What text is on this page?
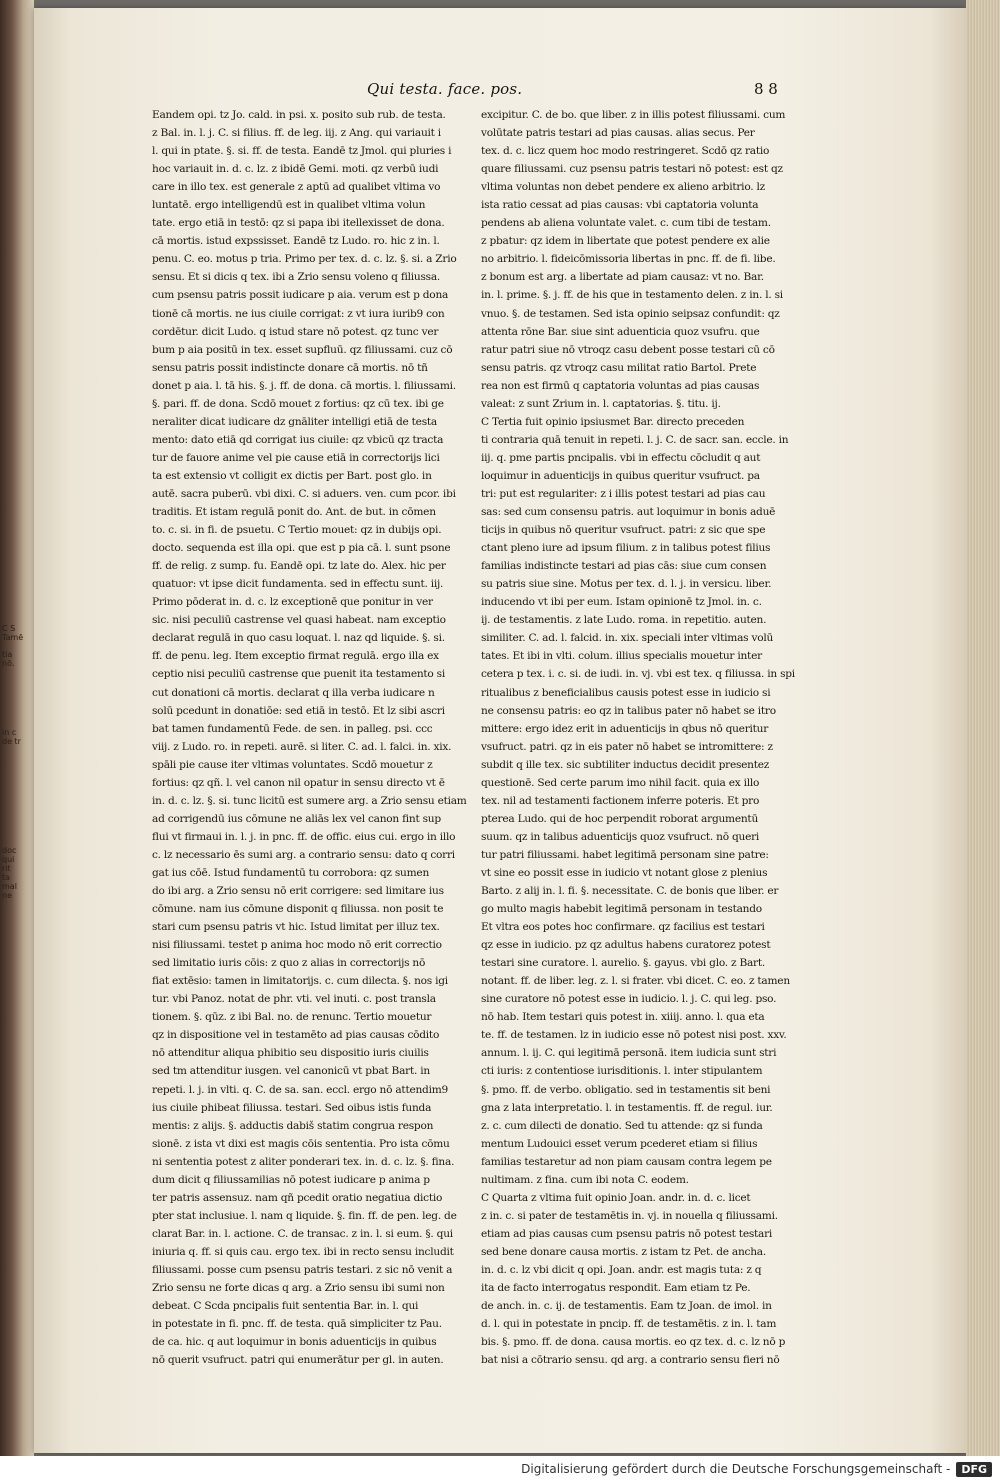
C S
Tamē
tia
nō.
in c
de tr
doc
qui
rit
ta
mal
ne
Qui testa. face. pos.	8 8

Eandem opi. tz Jo. cald. in psi. x. posito sub rub. de testa.

z Bal. in. l. j. C. si filius. ff. de leg. iij. z Ang. qui variauit i

l. qui in ptate. §. si. ff. de testa. Eandē tz Jmol. qui pluries i

hoc variauit in. d. c. lz. z ibidē Gemi. moti. qz verbū iudi

care in illo tex. est generale z aptū ad qualibet vltima vo

luntatē. ergo intelligendū est in qualibet vltima volun

tate. ergo etiā in testō: qz si papa ibi itellexisset de dona.

cā mortis. istud expssisset. Eandē tz Ludo. ro. hic z in. l.

penu. C. eo. motus p tria. Primo per tex. d. c. lz. §. si. a Zrio

sensu. Et si dicis q tex. ibi a Zrio sensu voleno q filiussa.

cum psensu patris possit iudicare p aia. verum est p dona

tionē cā mortis. ne ius ciuile corrigat: z vt iura iurib9 con

cordētur. dicit Ludo. q istud stare nō potest. qz tunc ver

bum p aia positū in tex. esset supfluū. qz filiussami. cuz cō

sensu patris possit indistincte donare cā mortis. nō tñ

donet p aia. l. tā his. §. j. ff. de dona. cā mortis. l. filiussami.

§. pari. ff. de dona. Scdō mouet z fortius: qz cū tex. ibi ge

neraliter dicat iudicare dz gnāliter intelligi etiā de testa

mento: dato etiā qd corrigat ius ciuile: qz vbicū qz tracta

tur de fauore anime vel pie cause etiā in correctorijs lici

ta est extensio vt colligit ex dictis per Bart. post glo. in

autē. sacra puberū. vbi dixi. C. si aduers. ven. cum pcor. ibi

traditis. Et istam regulā ponit do. Ant. de but. in cōmen

to. c. si. in fi. de psuetu. C Tertio mouet: qz in dubijs opi.

docto. sequenda est illa opi. que est p pia cā. l. sunt psone

ff. de relig. z sump. fu. Eandē opi. tz late do. Alex. hic per

quatuor: vt ipse dicit fundamenta. sed in effectu sunt. iij.

Primo pōderat in. d. c. lz exceptionē que ponitur in ver

sic. nisi peculiū castrense vel quasi habeat. nam exceptio

declarat regulā in quo casu loquat. l. naz qd liquide. §. si.

ff. de penu. leg. Item exceptio firmat regulā. ergo illa ex

ceptio nisi peculiū castrense que puenit ita testamento si

cut donationi cā mortis. declarat q illa verba iudicare n

solū pcedunt in donatiōe: sed etiā in testō. Et lz sibi ascri

bat tamen fundamentū Fede. de sen. in palleg. psi. ccc

viij. z Ludo. ro. in repeti. aurē. si liter. C. ad. l. falci. in. xix.

spāli pie cause iter vltimas voluntates. Scdō mouetur z

fortius: qz qñ. l. vel canon nil opatur in sensu directo vt ē

in. d. c. lz. §. si. tunc licitū est sumere arg. a Zrio sensu etiam

ad corrigendū ius cōmune ne aliās lex vel canon fint sup

flui vt firmaui in. l. j. in pnc. ff. de offic. eius cui. ergo in illo

c. lz necessario ēs sumi arg. a contrario sensu: dato q corri

gat ius cōē. Istud fundamentū tu corrobora: qz sumen

do ibi arg. a Zrio sensu nō erit corrigere: sed limitare ius

cōmune. nam ius cōmune disponit q filiussa. non posit te

stari cum psensu patris vt hic. Istud limitat per illuz tex.

nisi filiussami. testet p anima hoc modo nō erit correctio

sed limitatio iuris cōis: z quo z alias in correctorijs nō

fiat extēsio: tamen in limitatorijs. c. cum dilecta. §. nos igi

tur. vbi Panoz. notat de phr. vti. vel inuti. c. post transla

tionem. §. qūz. z ibi Bal. no. de renunc. Tertio mouetur

qz in dispositione vel in testamēto ad pias causas cōdito

nō attenditur aliqua phibitio seu dispositio iuris ciuilis

sed tm attenditur iusgen. vel canonicū vt pbat Bart. in

repeti. l. j. in vlti. q. C. de sa. san. eccl. ergo nō attendim9

ius ciuile phibeat filiussa. testari. Sed oibus istis funda

mentis: z alijs. §. adductis dabiš statim congrua respon

sionē. z ista vt dixi est magis cōis sententia. Pro ista cōmu

ni sententia potest z aliter ponderari tex. in. d. c. lz. §. fina.

dum dicit q filiussamilias nō potest iudicare p anima p

ter patris assensuz. nam qñ pcedit oratio negatiua dictio

pter stat inclusiue. l. nam q liquide. §. fin. ff. de pen. leg. de

clarat Bar. in. l. actione. C. de transac. z in. l. si eum. §. qui

iniuria q. ff. si quis cau. ergo tex. ibi in recto sensu includit

filiussami. posse cum psensu patris testari. z sic nō venit a

Zrio sensu ne forte dicas q arg. a Zrio sensu ibi sumi non

debeat. C Scda pncipalis fuit sententia Bar. in. l. qui

in potestate in fi. pnc. ff. de testa. quā simpliciter tz Pau.

de ca. hic. q aut loquimur in bonis aduenticijs in quibus

nō querit vsufruct. patri qui enumerātur per gl. in auten.

excipitur. C. de bo. que liber. z in illis potest filiussami. cum

volūtate patris testari ad pias causas. alias secus. Per

tex. d. c. licz quem hoc modo restringeret. Scdō qz ratio

quare filiussami. cuz psensu patris testari nō potest: est qz

vltima voluntas non debet pendere ex alieno arbitrio. lz

ista ratio cessat ad pias causas: vbi captatoria volunta

pendens ab aliena voluntate valet. c. cum tibi de testam.

z pbatur: qz idem in libertate que potest pendere ex alie

no arbitrio. l. fideicōmissoria libertas in pnc. ff. de fi. libe.

z bonum est arg. a libertate ad piam causaz: vt no. Bar.

in. l. prime. §. j. ff. de his que in testamento delen. z in. l. si

vnuo. §. de testamen. Sed ista opinio seipsaz confundit: qz

attenta rōne Bar. siue sint aduenticia quoz vsufru. que

ratur patri siue nō vtroqz casu debent posse testari cū cō

sensu patris. qz vtroqz casu militat ratio Bartol. Prete

rea non est firmū q captatoria voluntas ad pias causas

valeat: z sunt Zrium in. l. captatorias. §. titu. ij.

C Tertia fuit opinio ipsiusmet Bar. directo preceden

ti contraria quā tenuit in repeti. l. j. C. de sacr. san. eccle. in

iij. q. pme partis pncipalis. vbi in effectu cōcludit q aut

loquimur in aduenticijs in quibus queritur vsufruct. pa

tri: put est regulariter: z i illis potest testari ad pias cau

sas: sed cum consensu patris. aut loquimur in bonis aduē

ticijs in quibus nō queritur vsufruct. patri: z sic que spe

ctant pleno iure ad ipsum filium. z in talibus potest filius

familias indistincte testari ad pias cās: siue cum consen

su patris siue sine. Motus per tex. d. l. j. in versicu. liber.

inducendo vt ibi per eum. Istam opinionē tz Jmol. in. c.

ij. de testamentis. z late Ludo. roma. in repetitio. auten.

similiter. C. ad. l. falcid. in. xix. speciali inter vltimas volū

tates. Et ibi in vlti. colum. illius specialis mouetur inter

cetera p tex. i. c. si. de iudi. in. vj. vbi est tex. q filiussa. in spi

ritualibus z beneficialibus causis potest esse in iudicio si

ne consensu patris: eo qz in talibus pater nō habet se itro

mittere: ergo idez erit in aduenticijs in qbus nō queritur

vsufruct. patri. qz in eis pater nō habet se intromittere: z

subdit q ille tex. sic subtiliter inductus decidit presentez

questionē. Sed certe parum imo nihil facit. quia ex illo

tex. nil ad testamenti factionem inferre poteris. Et pro

pterea Ludo. qui de hoc perpendit roborat argumentū

suum. qz in talibus aduenticijs quoz vsufruct. nō queri

tur patri filiussami. habet legitimā personam sine patre:

vt sine eo possit esse in iudicio vt notant glose z plenius

Barto. z alij in. l. fi. §. necessitate. C. de bonis que liber. er

go multo magis habebit legitimā personam in testando

Et vltra eos potes hoc confirmare. qz facilius est testari

qz esse in iudicio. pz qz adultus habens curatorez potest

testari sine curatore. l. aurelio. §. gayus. vbi glo. z Bart.

notant. ff. de liber. leg. z. l. si frater. vbi dicet. C. eo. z tamen

sine curatore nō potest esse in iudicio. l. j. C. qui leg. pso.

nō hab. Item testari quis potest in. xiiij. anno. l. qua eta

te. ff. de testamen. lz in iudicio esse nō potest nisi post. xxv.

annum. l. ij. C. qui legitimā personā. item iudicia sunt stri

cti iuris: z contentiose iurisditionis. l. inter stipulantem

§. pmo. ff. de verbo. obligatio. sed in testamentis sit beni

gna z lata interpretatio. l. in testamentis. ff. de regul. iur.

z. c. cum dilecti de donatio. Sed tu attende: qz si funda

mentum Ludouici esset verum pcederet etiam si filius

familias testaretur ad non piam causam contra legem pe

nultimam. z fina. cum ibi nota C. eodem.

C Quarta z vltima fuit opinio Joan. andr. in. d. c. licet

z in. c. si pater de testamētis in. vj. in nouella q filiussami.

etiam ad pias causas cum psensu patris nō potest testari

sed bene donare causa mortis. z istam tz Pet. de ancha.

in. d. c. lz vbi dicit q opi. Joan. andr. est magis tuta: z q

ita de facto interrogatus respondit. Eam etiam tz Pe.

de anch. in. c. ij. de testamentis. Eam tz Joan. de imol. in

d. l. qui in potestate in pncip. ff. de testamētis. z in. l. tam

bis. §. pmo. ff. de dona. causa mortis. eo qz tex. d. c. lz nō p

bat nisi a cōtrario sensu. qd arg. a contrario sensu fieri nō

Digitalisierung gefördert durch die Deutsche Forschungsgemeinschaft -	DFG
